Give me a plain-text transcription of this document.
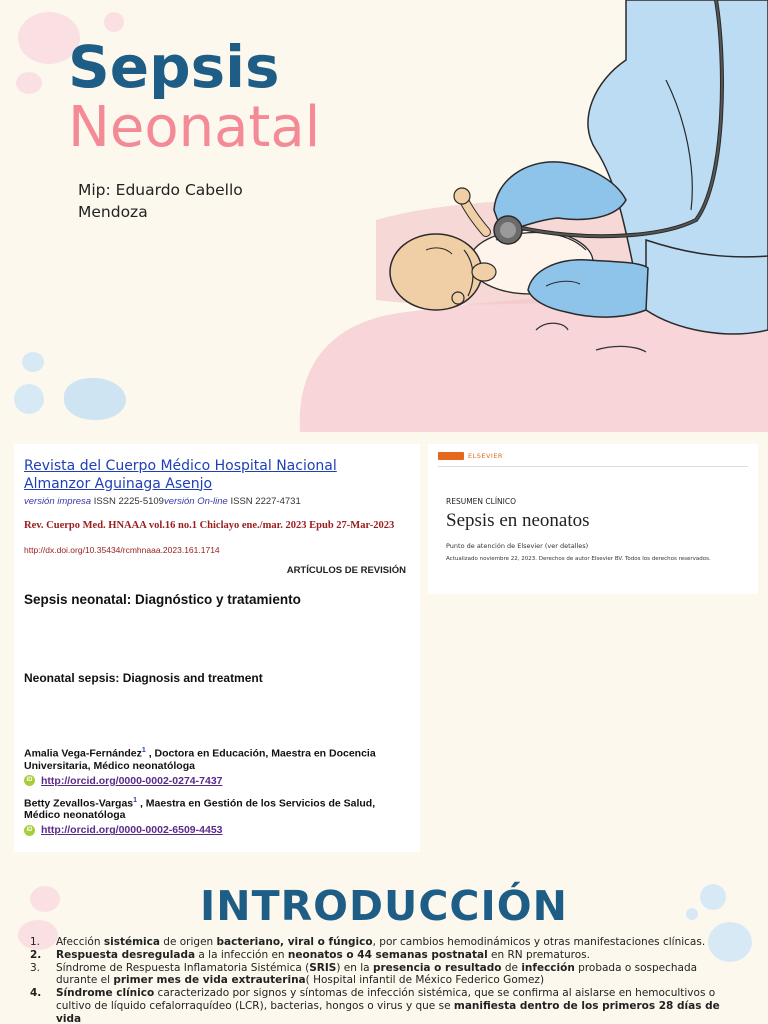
Sepsis
Neonatal
Mip: Eduardo Cabello Mendoza
Revista del Cuerpo Médico Hospital Nacional Almanzor Aguinaga Asenjo
versión impresa ISSN 2225-5109versión On-line ISSN 2227-4731
Rev. Cuerpo Med. HNAAA vol.16 no.1 Chiclayo ene./mar. 2023 Epub 27-Mar-2023
http://dx.doi.org/10.35434/rcmhnaaa.2023.161.1714
ARTÍCULOS DE REVISIÓN
Sepsis neonatal: Diagnóstico y tratamiento
Neonatal sepsis: Diagnosis and treatment
Amalia Vega-Fernández$^1$ , Doctora en Educación, Maestra en Docencia Universitaria, Médico neonatóloga
iD http://orcid.org/0000-0002-0274-7437
Betty Zevallos-Vargas$^1$ , Maestra en Gestión de los Servicios de Salud, Médico neonatóloga
iD http://orcid.org/0000-0002-6509-4453
ELSEVIER
RESUMEN CLÍNICO
Sepsis en neonatos
Punto de atención de Elsevier (ver detalles)
Actualizado noviembre 22, 2023. Derechos de autor Elsevier BV. Todos los derechos reservados.
INTRODUCCIÓN
1.	Afección sistémica de origen bacteriano, viral o fúngico, por cambios hemodinámicos y otras manifestaciones clínicas.
2.	Respuesta desregulada a la infección en neonatos o 44 semanas postnatal en RN prematuros.
3.	Síndrome de Respuesta Inflamatoria Sistémica (SRIS) en la presencia o resultado de infección probada o sospechada durante el primer mes de vida extrauterina( Hospital infantil de México Federico Gomez)
4.	Síndrome clínico caracterizado por signos y síntomas de infección sistémica, que se confirma al aislarse en hemocultivos o cultivo de líquido cefalorraquídeo (LCR), bacterias, hongos o virus y que se manifiesta dentro de los primeros 28 días de vida
